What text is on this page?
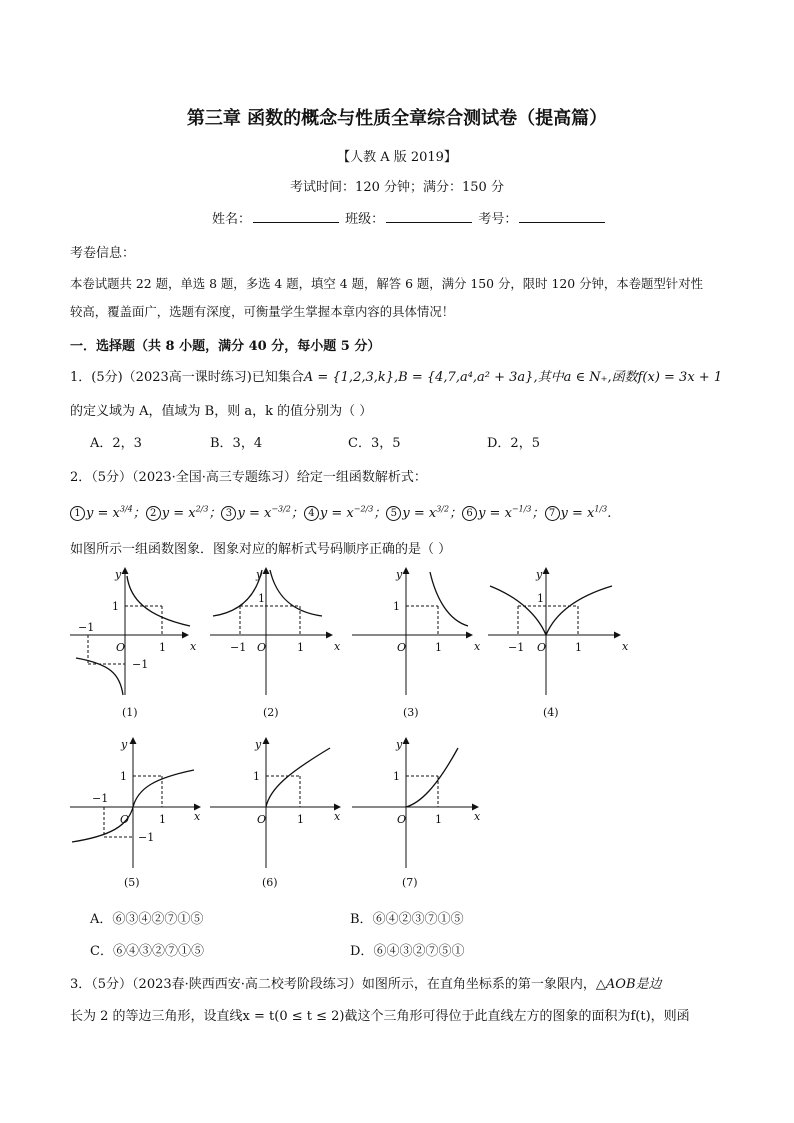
第三章 函数的概念与性质全章综合测试卷（提高篇）
【人教 A 版 2019】
考试时间：120 分钟；满分：150 分
姓名：	班级：	考号：
考卷信息：
本卷试题共 22 题，单选 8 题，多选 4 题，填空 4 题，解答 6 题，满分 150 分，限时 120 分钟，本卷题型针对性
较高，覆盖面广，选题有深度，可衡量学生掌握本章内容的具体情况！
一．选择题（共 8 小题，满分 40 分，每小题 5 分）
1．(5分)（2023高一课时练习)已知集合A = {1,2,3,k},B = {4,7,a⁴,a² + 3a},其中a ∈ N₊,函数f(x) = 3x + 1
的定义域为 A，值域为 B，则 a，k 的值分别为（ ）
A．2，3	B．3，4	C．3，5	D．2，5
2．（5分）（2023·全国·高三专题练习）给定一组函数解析式：
1 $y = x^{3/4}$； 2 $y = x^{2/3}$； 3 $y = x^{-3/2}$； 4 $y = x^{-2/3}$； 5 $y = x^{3/2}$； 6 $y = x^{-1/3}$； 7 $y = x^{1/3}$.
如图所示一组函数图象．图象对应的解析式号码顺序正确的是（ ）
y
x
1
1
O
−1
−1
(1)
y
x
1
1
O
−1
(2)
y
x
1
1
O
(3)
y
x
1
1
O
−1
(4)
y
x
1
1
O
−1
−1
(5)
y
x
1
1
O
(6)
y
x
1
1
O
(7)
A．⑥③④②⑦①⑤	B．⑥④②③⑦①⑤
C．⑥④③②⑦①⑤	D．⑥④③②⑦⑤①
3．（5分）（2023春·陕西西安·高二校考阶段练习）如图所示，在直角坐标系的第一象限内，△AOB是边
长为 2 的等边三角形，设直线x = t(0 ≤ t ≤ 2)截这个三角形可得位于此直线左方的图象的面积为f(t)，则函
